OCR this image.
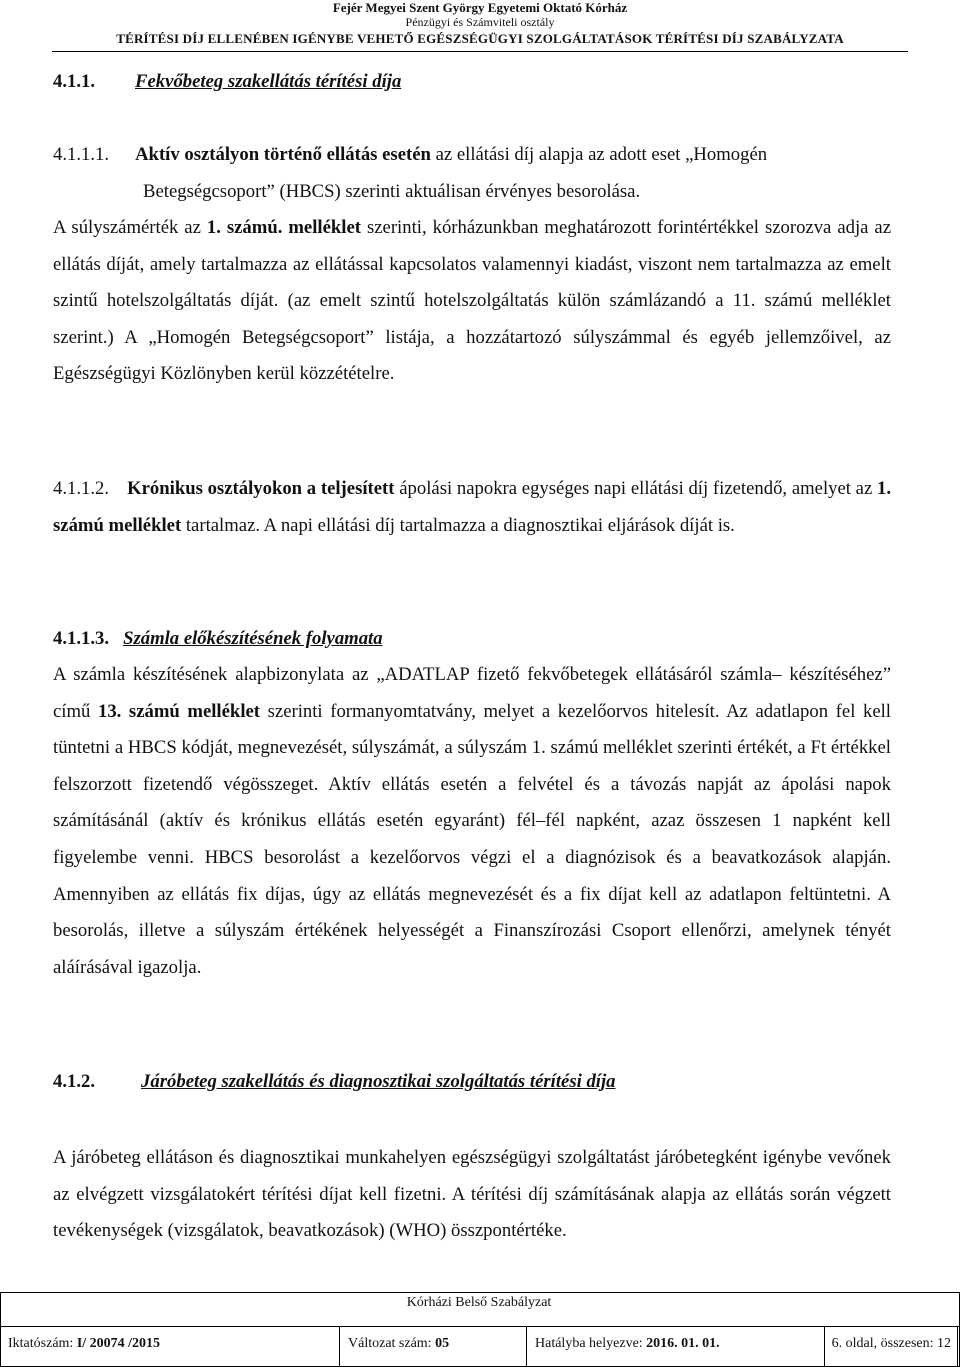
Fejér Megyei Szent György Egyetemi Oktató Kórház
Pénzügyi és Számviteli osztály
TÉRÍTÉSI DÍJ ELLENÉBEN IGÉNYBE VEHETŐ EGÉSZSÉGÜGYI SZOLGÁLTATÁSOK TÉRÍTÉSI DÍJ SZABÁLYZATA
4.1.1. Fekvőbeteg szakellátás térítési díja
4.1.1.1. Aktív osztályon történő ellátás esetén az ellátási díj alapja az adott eset „Homogén
Betegségcsoport” (HBCS) szerinti aktuálisan érvényes besorolása.
A súlyszámérték az 1. számú. melléklet szerinti, kórházunkban meghatározott forintértékkel szorozva adja az ellátás díját, amely tartalmazza az ellátással kapcsolatos valamennyi kiadást, viszont nem tartalmazza az emelt szintű hotelszolgáltatás díját. (az emelt szintű hotelszolgáltatás külön számlázandó a 11. számú melléklet szerint.) A „Homogén Betegségcsoport” listája, a hozzátartozó súlyszámmal és egyéb jellemzőivel, az Egészségügyi Közlönyben kerül közzétételre.
4.1.1.2. Krónikus osztályokon a teljesített ápolási napokra egységes napi ellátási díj fizetendő, amelyet az 1. számú melléklet tartalmaz. A napi ellátási díj tartalmazza a diagnosztikai eljárások díját is.
4.1.1.3. Számla előkészítésének folyamata
A számla készítésének alapbizonylata az „ADATLAP fizető fekvőbetegek ellátásáról számla– készítéséhez” című 13. számú melléklet szerinti formanyomtatvány, melyet a kezelőorvos hitelesít. Az adatlapon fel kell tüntetni a HBCS kódját, megnevezését, súlyszámát, a súlyszám 1. számú melléklet szerinti értékét, a Ft értékkel felszorzott fizetendő végösszeget. Aktív ellátás esetén a felvétel és a távozás napját az ápolási napok számításánál (aktív és krónikus ellátás esetén egyaránt) fél–fél napként, azaz összesen 1 napként kell figyelembe venni. HBCS besorolást a kezelőorvos végzi el a diagnózisok és a beavatkozások alapján. Amennyiben az ellátás fix díjas, úgy az ellátás megnevezését és a fix díjat kell az adatlapon feltüntetni. A besorolás, illetve a súlyszám értékének helyességét a Finanszírozási Csoport ellenőrzi, amelynek tényét aláírásával igazolja.
4.1.2. Járóbeteg szakellátás és diagnosztikai szolgáltatás térítési díja
A járóbeteg ellátáson és diagnosztikai munkahelyen egészségügyi szolgáltatást járóbetegként igénybe vevőnek az elvégzett vizsgálatokért térítési díjat kell fizetni. A térítési díj számításának alapja az ellátás során végzett tevékenységek (vizsgálatok, beavatkozások) (WHO) összpontértéke.
Kórházi Belső Szabályzat
Iktatószám: I/ 20074 /2015	Változat szám: 05	Hatályba helyezve: 2016. 01. 01.	6. oldal, összesen: 12
